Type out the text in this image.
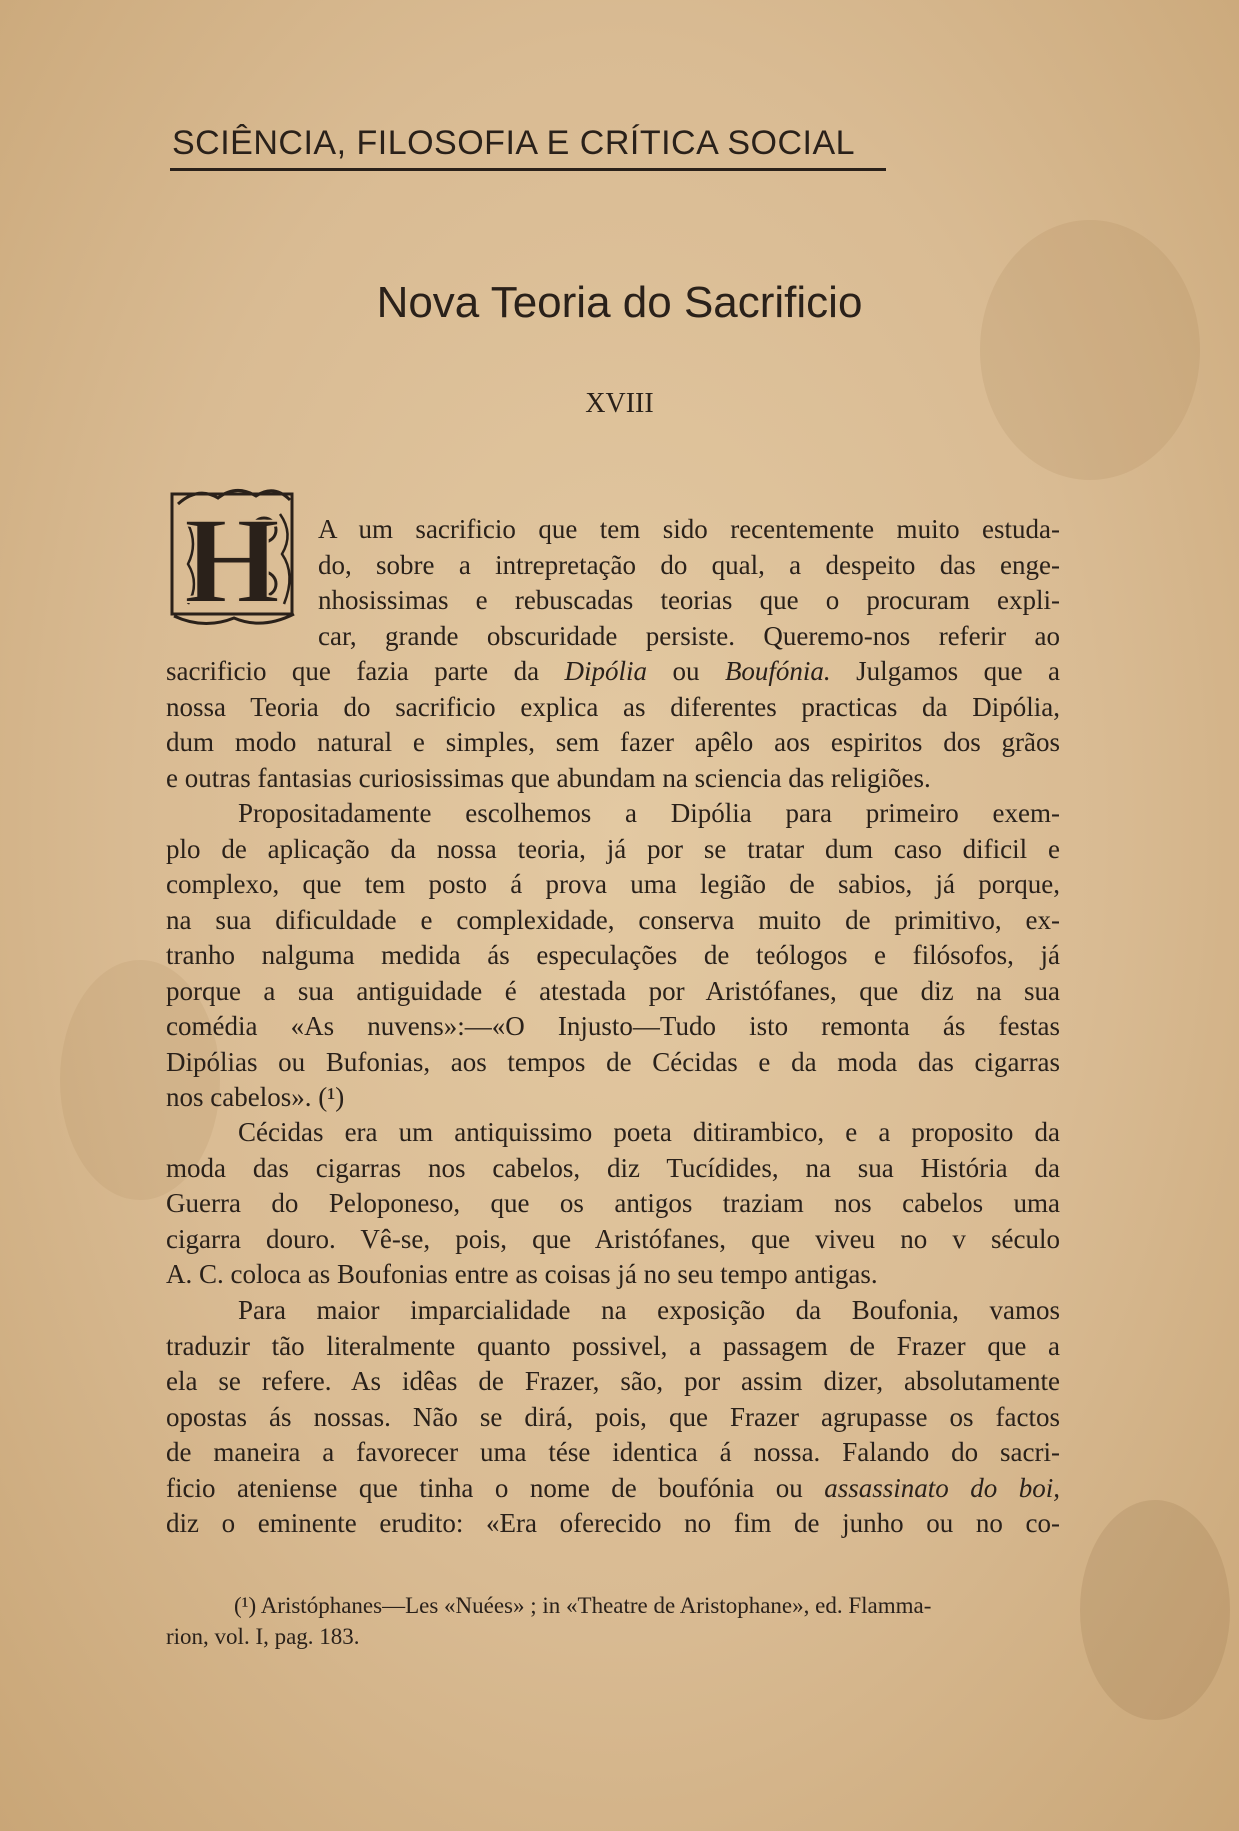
SCIÊNCIA, FILOSOFIA E CRÍTICA SOCIAL
Nova Teoria do Sacrificio
XVIII
H A um sacrificio que tem sido recentemente muito estuda-

do, sobre a intrepretação do qual, a despeito das enge-

nhosissimas e rebuscadas teorias que o procuram expli-

car, grande obscuridade persiste. Queremo-nos referir ao

sacrificio que fazia parte da Dipólia ou Boufónia. Julgamos que a

nossa Teoria do sacrificio explica as diferentes practicas da Dipólia,

dum modo natural e simples, sem fazer apêlo aos espiritos dos grãos

e outras fantasias curiosissimas que abundam na sciencia das religiões.

Propositadamente escolhemos a Dipólia para primeiro exem-

plo de aplicação da nossa teoria, já por se tratar dum caso dificil e

complexo, que tem posto á prova uma legião de sabios, já porque,

na sua dificuldade e complexidade, conserva muito de primitivo, ex-

tranho nalguma medida ás especulações de teólogos e filósofos, já

porque a sua antiguidade é atestada por Aristófanes, que diz na sua

comédia «As nuvens»:—«O Injusto—Tudo isto remonta ás festas

Dipólias ou Bufonias, aos tempos de Cécidas e da moda das cigarras

nos cabelos». (¹)

Cécidas era um antiquissimo poeta ditirambico, e a proposito da

moda das cigarras nos cabelos, diz Tucídides, na sua História da

Guerra do Peloponeso, que os antigos traziam nos cabelos uma

cigarra douro. Vê-se, pois, que Aristófanes, que viveu no v século

A. C. coloca as Boufonias entre as coisas já no seu tempo antigas.

Para maior imparcialidade na exposição da Boufonia, vamos

traduzir tão literalmente quanto possivel, a passagem de Frazer que a

ela se refere. As idêas de Frazer, são, por assim dizer, absolutamente

opostas ás nossas. Não se dirá, pois, que Frazer agrupasse os factos

de maneira a favorecer uma tése identica á nossa. Falando do sacri-

ficio ateniense que tinha o nome de boufónia ou assassinato do boi,

diz o eminente erudito: «Era oferecido no fim de junho ou no co-

(¹) Aristóphanes—Les «Nuées» ; in «Theatre de Aristophane», ed. Flamma-

rion, vol. I, pag. 183.
